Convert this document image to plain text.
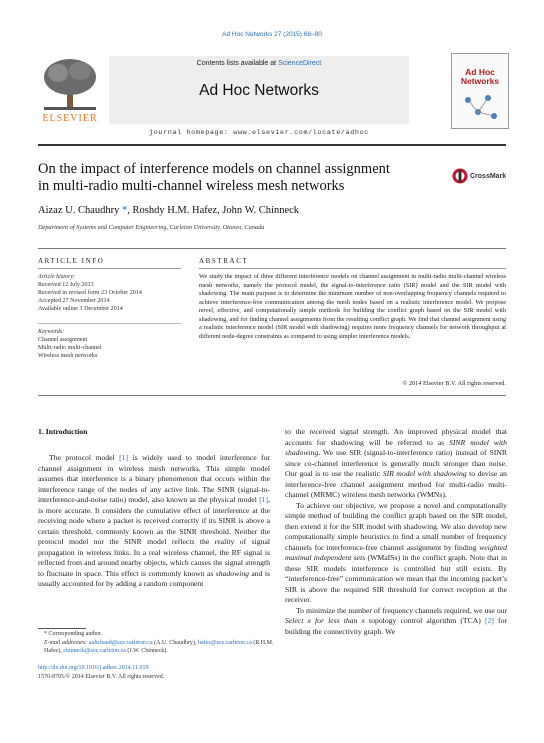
Ad Hoc Networks 27 (2015) 68–80
ELSEVIER
Contents lists available at ScienceDirect
Ad Hoc Networks
journal homepage: www.elsevier.com/locate/adhoc
Ad Hoc
Networks
On the impact of interference models on channel assignment
in multi-radio multi-channel wireless mesh networks
CrossMark
Aizaz U. Chaudhry *, Roshdy H.M. Hafez, John W. Chinneck
Department of Systems and Computer Engineering, Carleton University, Ottawa, Canada
ARTICLE INFO	ABSTRACT
Article history:
Received 12 July 2013
Received in revised form 23 October 2014
Accepted 27 November 2014
Available online 3 December 2014
Keywords:
Channel assignment
Multi-radio multi-channel
Wireless mesh networks
We study the impact of three different interference models on channel assignment in multi-radio multi-channel wireless mesh networks, namely the protocol model, the signal-to-interference ratio (SIR) model and the SIR model with shadowing. The main purpose is to determine the minimum number of non-overlapping frequency channels required to achieve interference-free communication among the mesh nodes based on a realistic interference model. We propose novel, effective, and computationally simple methods for building the conflict graph based on the SIR model with shadowing, and for finding channel assignments from the resulting conflict graph. We find that channel assignment using a realistic interference model (SIR model with shadowing) requires more frequency channels for network throughput at different node-degree constraints as compared to using simpler interference models.
© 2014 Elsevier B.V. All rights reserved.
1. Introduction

The protocol model [1] is widely used to model interference for channel assignment in wireless mesh networks. This simple model assumes that interference is a binary phenomenon that occurs within the interference range of the nodes of any active link. The SINR (signal-to-interference-and-noise ratio) model, also known as the physical model [1], is more accurate. It considers the cumulative effect of interference at the receiving node where a packet is received correctly if its SINR is above a certain threshold, commonly known as the SINR threshold. Neither the protocol model nor the SINR model reflects the reality of signal propagation in wireless links. In a real wireless channel, the RF signal is reflected from and around nearby objects, which causes the signal strength to fluctuate in space. This effect is commonly known as shadowing and is usually accounted for by adding a random component

to the received signal strength. An improved physical model that accounts for shadowing will be referred to as SINR model with shadowing. We use SIR (signal-to-interference ratio) instead of SINR since co-channel interference is generally much stronger than noise. Our goal is to use the realistic SIR model with shadowing to devise an interference-free channel assignment method for multi-radio multi-channel (MRMC) wireless mesh networks (WMNs).

To achieve our objective, we propose a novel and computationally simple method of building the conflict graph based on the SIR model, then extend it for the SIR model with shadowing. We also develop new computationally simple heuristics to find a small number of frequency channels for interference-free channel assignment by finding weighted maximal independent sets (WMaISs) in the conflict graph. Note that in these SIR models interference is controlled but still exists. By “interference-free” communication we mean that the incoming packet’s SIR is above the required SIR threshold for correct reception at the receiver.

To minimize the number of frequency channels required, we use our Select x for less than x topology control algorithm (TCA) [2] for building the connectivity graph. We

* Corresponding author.
E-mail addresses: auhchaud@sce.carleton.ca (A.U. Chaudhry), hafez@sce.carleton.ca (R.H.M. Hafez), chinneck@sce.carleton.ca (J.W. Chinneck).
http://dx.doi.org/10.1016/j.adhoc.2014.11.019
1570-8705/© 2014 Elsevier B.V. All rights reserved.
